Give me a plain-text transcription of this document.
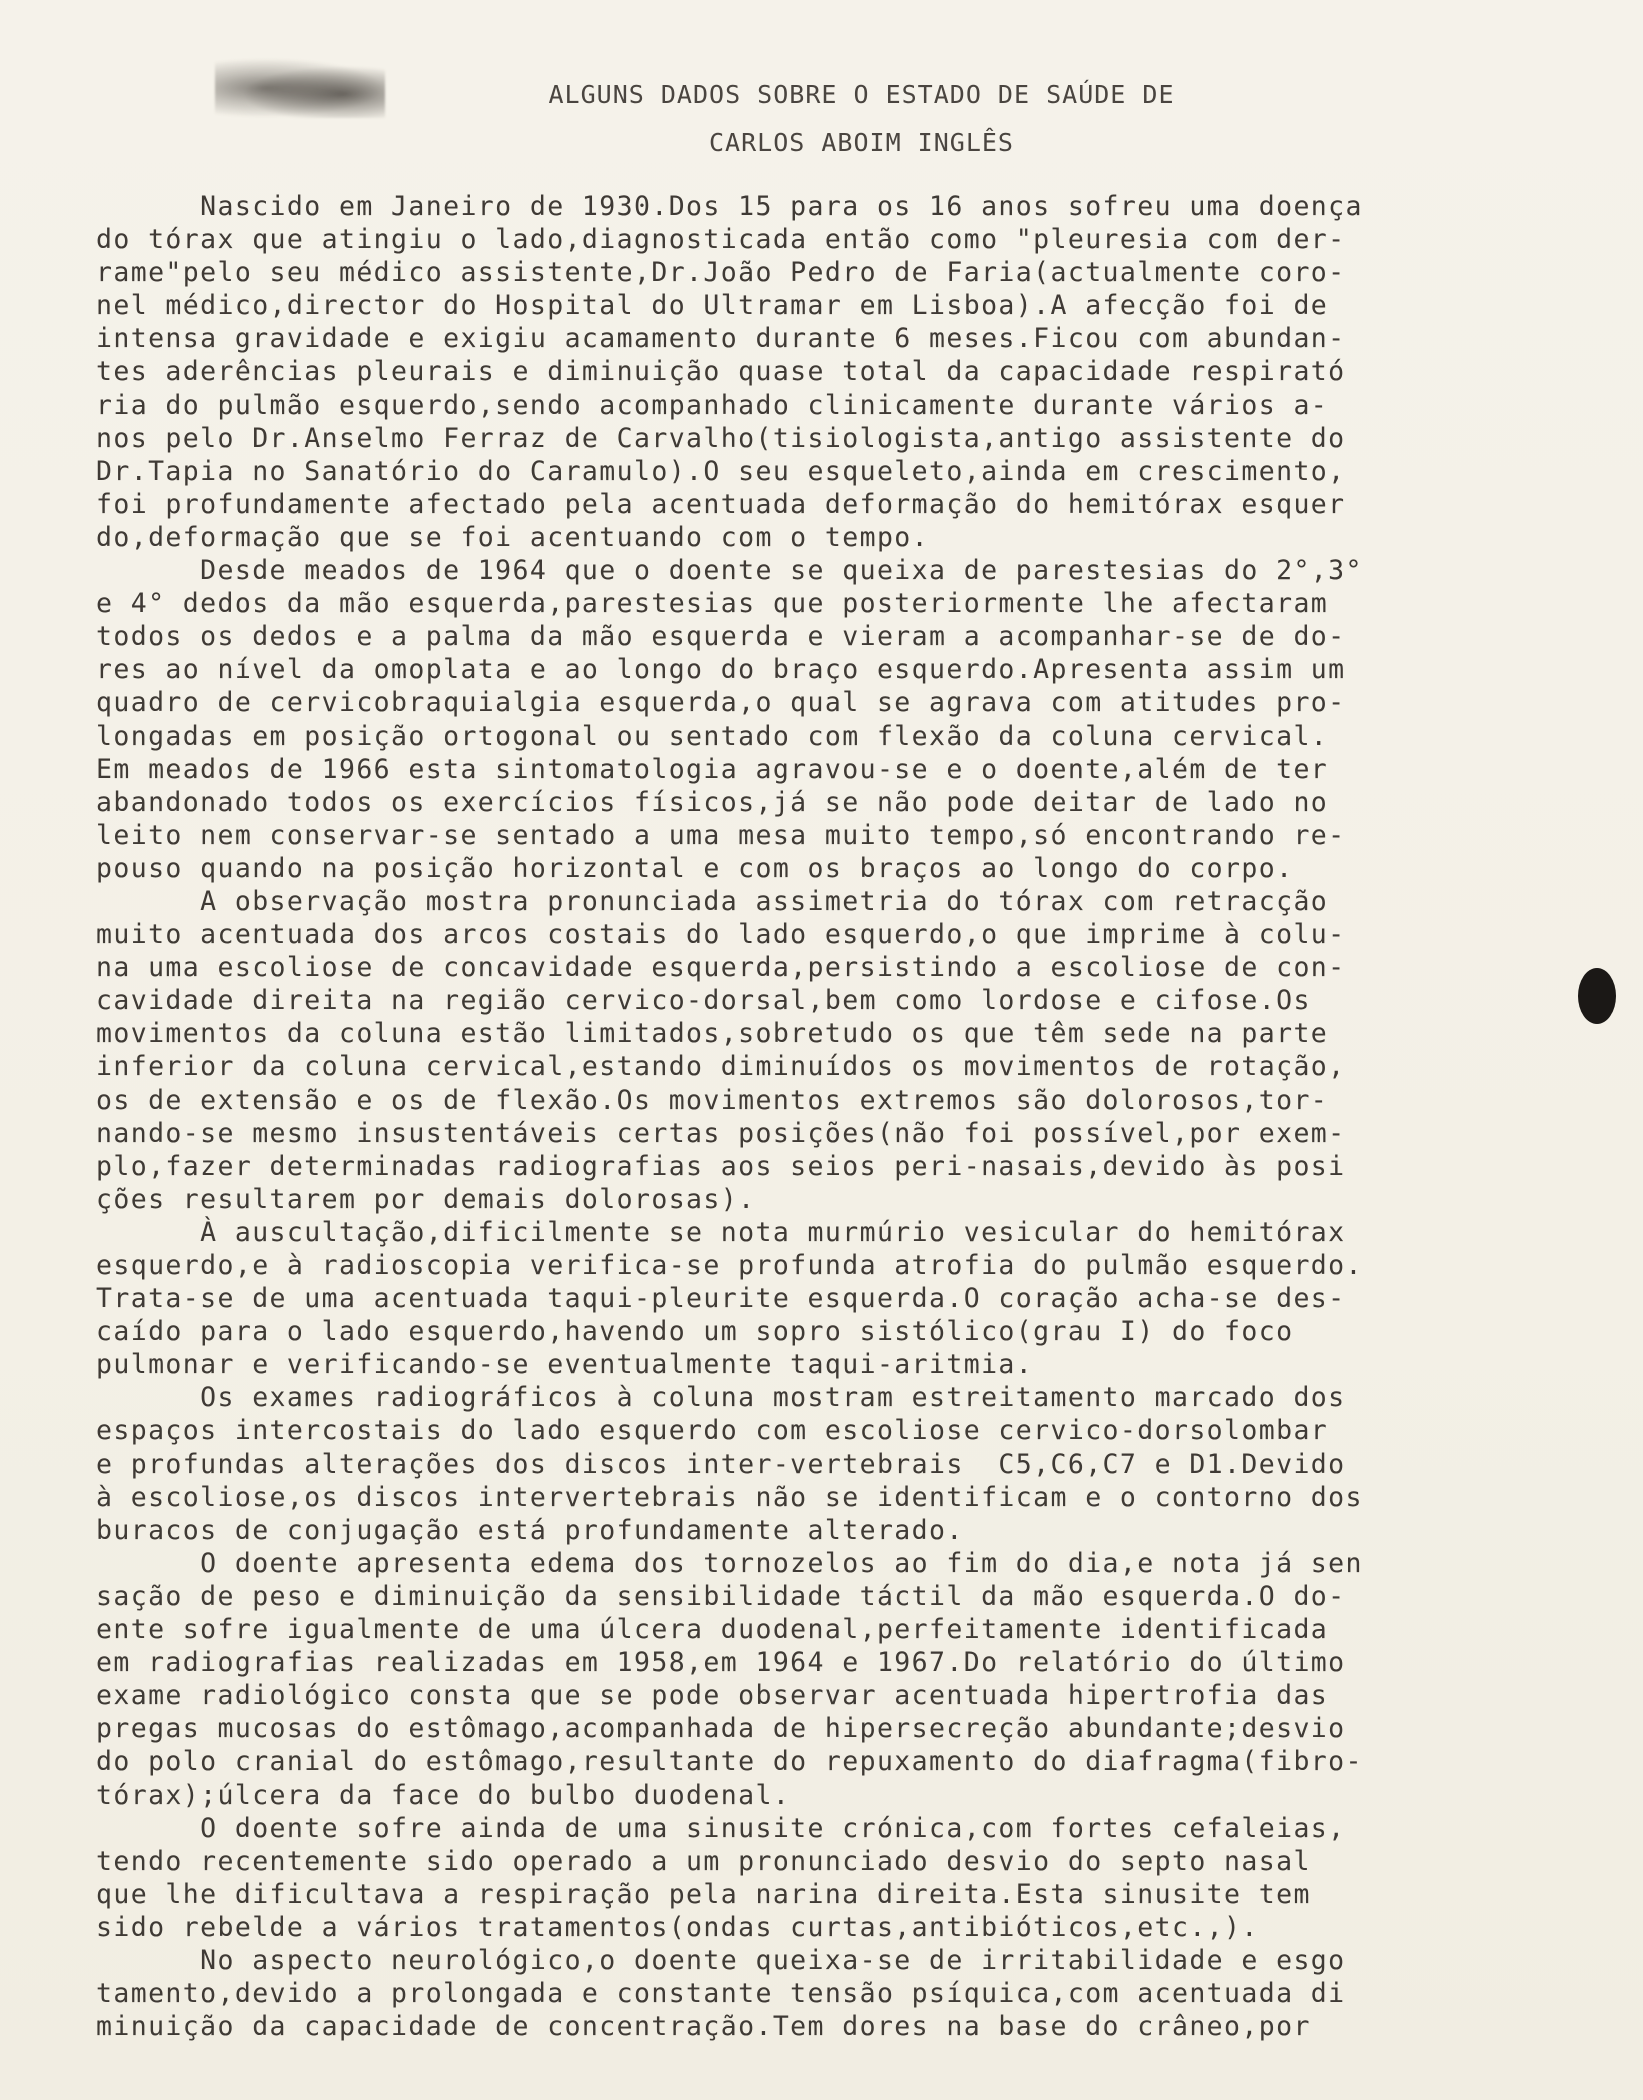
ALGUNS DADOS SOBRE O ESTADO DE SAÚDE DE
CARLOS ABOIM INGLÊS
Nascido em Janeiro de 1930.Dos 15 para os 16 anos sofreu uma doença
do tórax que atingiu o lado,diagnosticada então como "pleuresia com der-
rame"pelo seu médico assistente,Dr.João Pedro de Faria(actualmente coro-
nel médico,director do Hospital do Ultramar em Lisboa).A afecção foi de
intensa gravidade e exigiu acamamento durante 6 meses.Ficou com abundan-
tes aderências pleurais e diminuição quase total da capacidade respirató
ria do pulmão esquerdo,sendo acompanhado clinicamente durante vários a-
nos pelo Dr.Anselmo Ferraz de Carvalho(tisiologista,antigo assistente do
Dr.Tapia no Sanatório do Caramulo).O seu esqueleto,ainda em crescimento,
foi profundamente afectado pela acentuada deformação do hemitórax esquer
do,deformação que se foi acentuando com o tempo.
Desde meados de 1964 que o doente se queixa de parestesias do 2°,3°
e 4° dedos da mão esquerda,parestesias que posteriormente lhe afectaram
todos os dedos e a palma da mão esquerda e vieram a acompanhar-se de do-
res ao nível da omoplata e ao longo do braço esquerdo.Apresenta assim um
quadro de cervicobraquialgia esquerda,o qual se agrava com atitudes pro-
longadas em posição ortogonal ou sentado com flexão da coluna cervical.
Em meados de 1966 esta sintomatologia agravou-se e o doente,além de ter
abandonado todos os exercícios físicos,já se não pode deitar de lado no
leito nem conservar-se sentado a uma mesa muito tempo,só encontrando re-
pouso quando na posição horizontal e com os braços ao longo do corpo.
A observação mostra pronunciada assimetria do tórax com retracção
muito acentuada dos arcos costais do lado esquerdo,o que imprime à colu-
na uma escoliose de concavidade esquerda,persistindo a escoliose de con-
cavidade direita na região cervico-dorsal,bem como lordose e cifose.Os
movimentos da coluna estão limitados,sobretudo os que têm sede na parte
inferior da coluna cervical,estando diminuídos os movimentos de rotação,
os de extensão e os de flexão.Os movimentos extremos são dolorosos,tor-
nando-se mesmo insustentáveis certas posições(não foi possível,por exem-
plo,fazer determinadas radiografias aos seios peri-nasais,devido às posi
ções resultarem por demais dolorosas).
À auscultação,dificilmente se nota murmúrio vesicular do hemitórax
esquerdo,e à radioscopia verifica-se profunda atrofia do pulmão esquerdo.
Trata-se de uma acentuada taqui-pleurite esquerda.O coração acha-se des-
caído para o lado esquerdo,havendo um sopro sistólico(grau I) do foco
pulmonar e verificando-se eventualmente taqui-aritmia.
Os exames radiográficos à coluna mostram estreitamento marcado dos
espaços intercostais do lado esquerdo com escoliose cervico-dorsolombar
e profundas alterações dos discos inter-vertebrais  C5,C6,C7 e D1.Devido
à escoliose,os discos intervertebrais não se identificam e o contorno dos
buracos de conjugação está profundamente alterado.
O doente apresenta edema dos tornozelos ao fim do dia,e nota já sen
sação de peso e diminuição da sensibilidade táctil da mão esquerda.O do-
ente sofre igualmente de uma úlcera duodenal,perfeitamente identificada
em radiografias realizadas em 1958,em 1964 e 1967.Do relatório do último
exame radiológico consta que se pode observar acentuada hipertrofia das
pregas mucosas do estômago,acompanhada de hipersecreção abundante;desvio
do polo cranial do estômago,resultante do repuxamento do diafragma(fibro-
tórax);úlcera da face do bulbo duodenal.
O doente sofre ainda de uma sinusite crónica,com fortes cefaleias,
tendo recentemente sido operado a um pronunciado desvio do septo nasal
que lhe dificultava a respiração pela narina direita.Esta sinusite tem
sido rebelde a vários tratamentos(ondas curtas,antibióticos,etc.,).
No aspecto neurológico,o doente queixa-se de irritabilidade e esgo
tamento,devido a prolongada e constante tensão psíquica,com acentuada di
minuição da capacidade de concentração.Tem dores na base do crâneo,por
